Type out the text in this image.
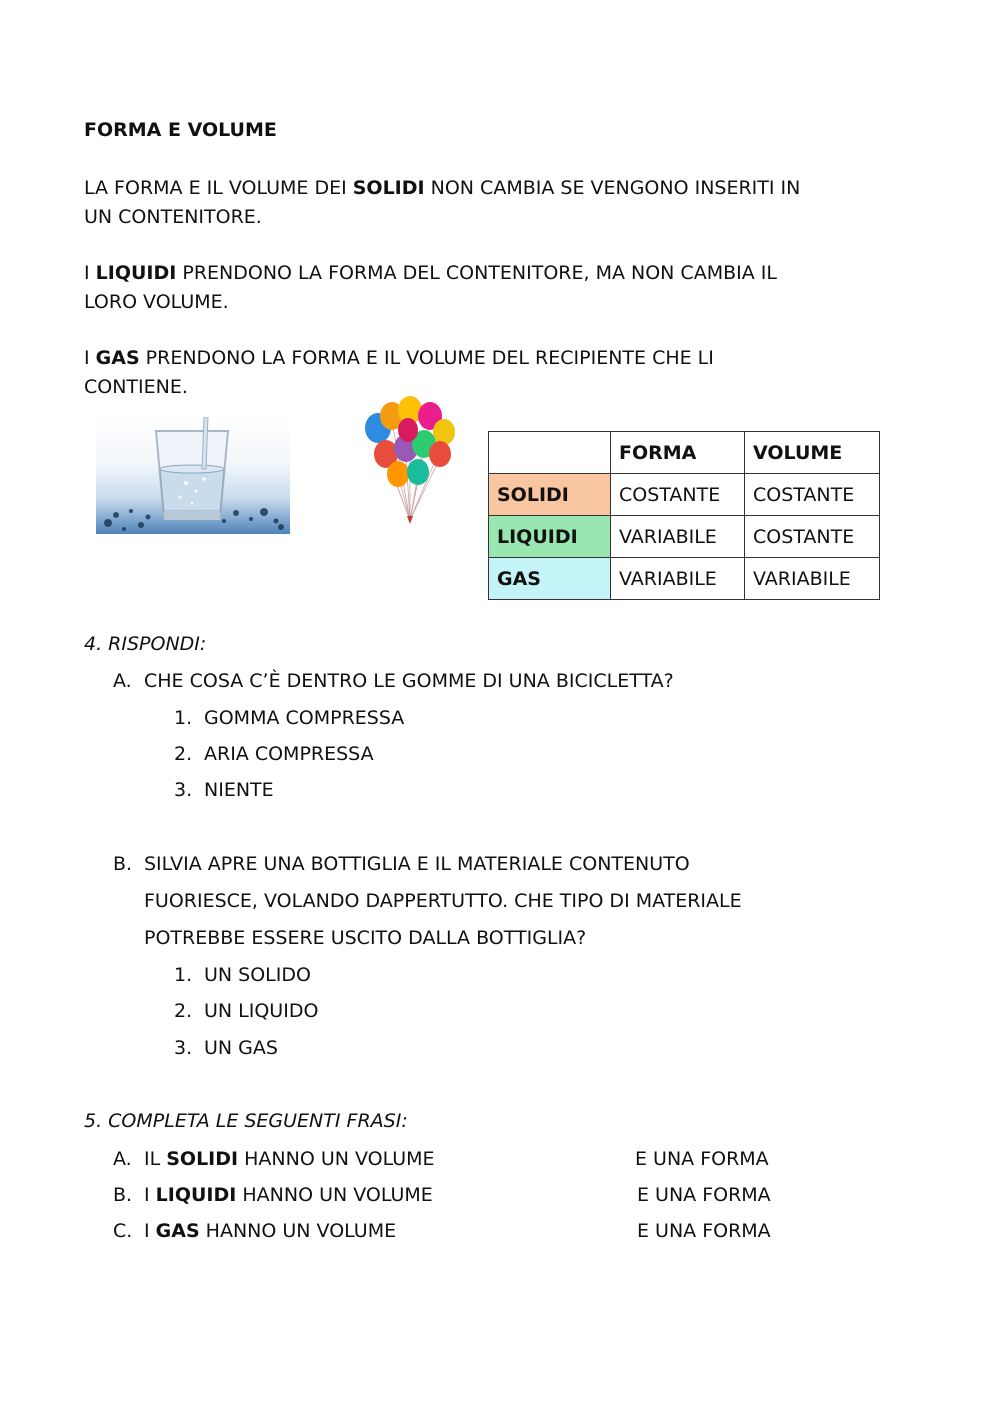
FORMA E VOLUME
LA FORMA E IL VOLUME DEI SOLIDI NON CAMBIA SE VENGONO INSERITI IN
UN CONTENITORE.
I LIQUIDI PRENDONO LA FORMA DEL CONTENITORE, MA NON CAMBIA IL
LORO VOLUME.
I GAS PRENDONO LA FORMA E IL VOLUME DEL RECIPIENTE CHE LI
CONTIENE.
	FORMA	VOLUME
SOLIDI	COSTANTE	COSTANTE
LIQUIDI	VARIABILE	COSTANTE
GAS	VARIABILE	VARIABILE
4. RISPONDI:
A. CHE COSA C’È DENTRO LE GOMME DI UNA BICICLETTA?
1. GOMMA COMPRESSA
2. ARIA COMPRESSA
3. NIENTE
B. SILVIA APRE UNA BOTTIGLIA E IL MATERIALE CONTENUTO
FUORIESCE, VOLANDO DAPPERTUTTO. CHE TIPO DI MATERIALE
POTREBBE ESSERE USCITO DALLA BOTTIGLIA?
1. UN SOLIDO
2. UN LIQUIDO
3. UN GAS
5. COMPLETA LE SEGUENTI FRASI:
A. IL SOLIDI HANNO UN VOLUME	E UNA FORMA
B. I LIQUIDI HANNO UN VOLUME	E UNA FORMA
C. I GAS HANNO UN VOLUME	E UNA FORMA
